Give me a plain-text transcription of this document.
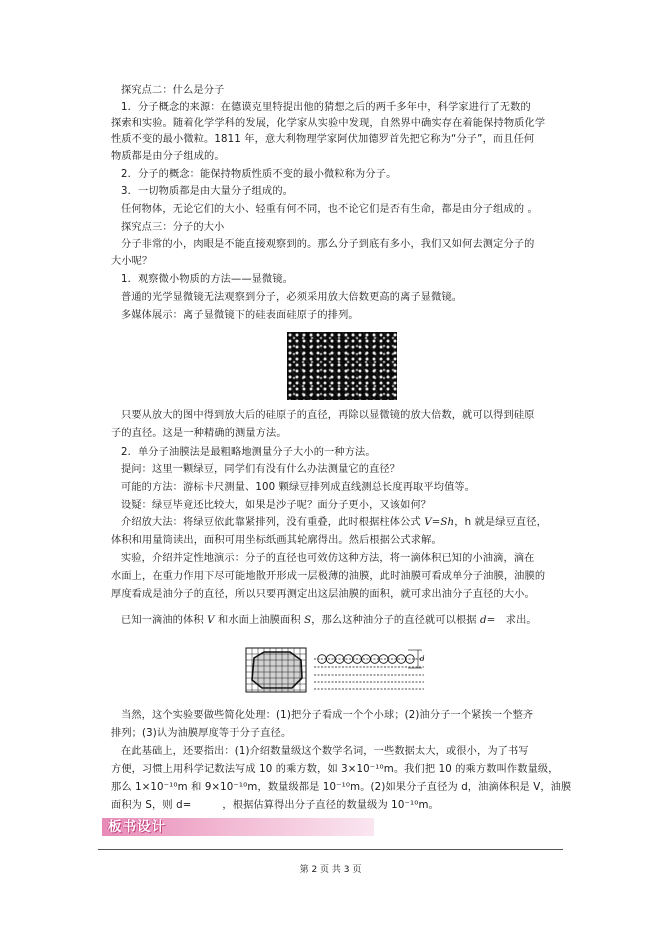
探究点二：什么是分子
1．分子概念的来源：在德谟克里特提出他的猜想之后的两千多年中，科学家进行了无数的
探索和实验。随着化学学科的发展，化学家从实验中发现，自然界中确实存在着能保持物质化学
性质不变的最小微粒。1811 年，意大利物理学家阿伏加德罗首先把它称为“分子”，而且任何
物质都是由分子组成的。
2．分子的概念：能保持物质性质不变的最小微粒称为分子。
3．一切物质都是由大量分子组成的。
任何物体，无论它们的大小、轻重有何不同，也不论它们是否有生命，都是由分子组成的 。
探究点三：分子的大小
分子非常的小，肉眼是不能直接观察到的。那么分子到底有多小，我们又如何去测定分子的
大小呢？
1．观察微小物质的方法——显微镜。
普通的光学显微镜无法观察到分子，必须采用放大倍数更高的离子显微镜。
多媒体展示：离子显微镜下的硅表面硅原子的排列。
只要从放大的图中得到放大后的硅原子的直径，再除以显微镜的放大倍数，就可以得到硅原
子的直径。这是一种精确的测量方法。
2．单分子油膜法是最粗略地测量分子大小的一种方法。
提问：这里一颗绿豆，同学们有没有什么办法测量它的直径？
可能的方法：游标卡尺测量、100 颗绿豆排列成直线测总长度再取平均值等。
设疑：绿豆毕竟还比较大，如果是沙子呢？面分子更小，又该如何？
体积和用量筒读出，面积可用坐标纸画其轮廓得出。然后根据公式求解。
实验，介绍并定性地演示：分子的直径也可效仿这种方法，将一滴体积已知的小油滴，滴在
水面上，在重力作用下尽可能地散开形成一层极薄的油膜，此时油膜可看成单分子油膜，油膜的
厚度看成是油分子的直径，所以只要再测定出这层油膜的面积，就可求出油分子直径的大小。
当然，这个实验要做些简化处理：(1)把分子看成一个个小球；(2)油分子一个紧挨一个整齐
排列；(3)认为油膜厚度等于分子直径。
在此基础上，还要指出：(1)介绍数量级这个数学名词，一些数据太大，或很小，为了书写
面积为 S，则 d=　　　，根据估算得出分子直径的数量级为 10⁻¹⁰m。
介绍放大法：将绿豆依此靠紧排列，没有重叠，此时根据柱体公式 V=Sh，h 就是绿豆直径，
已知一滴油的体积 V 和水面上油膜面积 S，那么这种油分子的直径就可以根据 d=　求出。
方便，习惯上用科学记数法写成 10 的乘方数，如 3×10⁻¹⁰m。我们把 10 的乘方数叫作数量级，
那么 1×10⁻¹⁰m 和 9×10⁻¹⁰m，数量级都是 10⁻¹⁰m。(2)如果分子直径为 d，油滴体积是 V，油膜
d
板书设计
第 2 页 共 3 页
